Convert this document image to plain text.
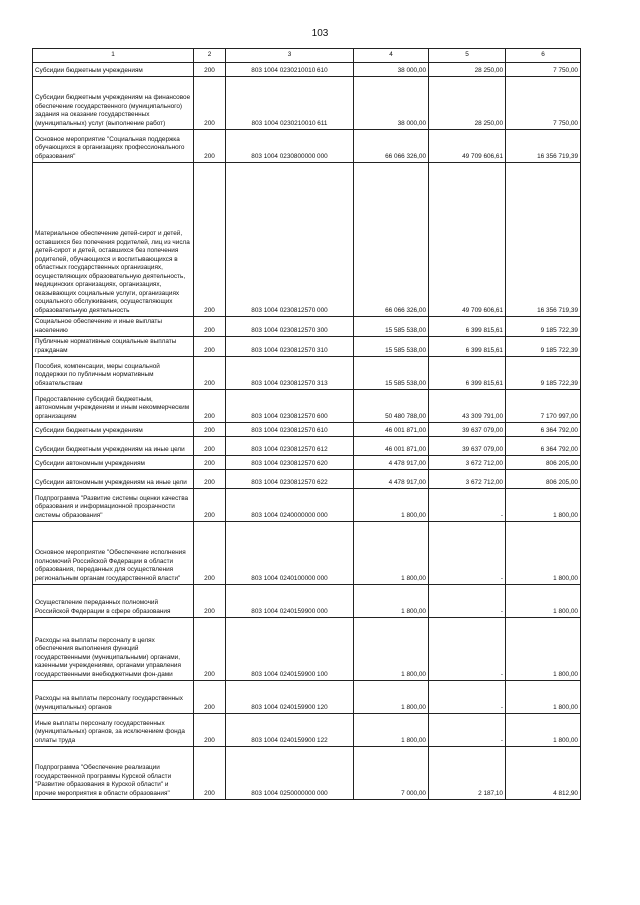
103
1	2	3	4	5	6
Субсидии бюджетным учреждениям	200	803 1004 0230210010 610	38 000,00	28 250,00	7 750,00
Субсидии бюджетным учреждениям на финансовое обеспечение государственного (муниципального) задания на оказание государственных (муниципальных) услуг (выполнение работ)	200	803 1004 0230210010 611	38 000,00	28 250,00	7 750,00
Основное мероприятие "Социальная поддержка обучающихся в организациях профессионального образования"	200	803 1004 0230800000 000	66 066 326,00	49 709 606,61	16 356 719,39
Материальное обеспечение детей-сирот и детей, оставшихся без попечения родителей, лиц из числа детей-сирот и детей, оставшихся без попечения родителей, обучающихся и воспитывающихся в областных государственных организациях, осуществляющих образовательную деятельность, медицинских организациях, организациях, оказывающих социальные услуги, организациях социального обслуживания, осуществляющих образовательную деятельность	200	803 1004 0230812570 000	66 066 326,00	49 709 606,61	16 356 719,39
Социальное обеспечение и иные выплаты населению	200	803 1004 0230812570 300	15 585 538,00	6 399 815,61	9 185 722,39
Публичные нормативные социальные выплаты гражданам	200	803 1004 0230812570 310	15 585 538,00	6 399 815,61	9 185 722,39
Пособия, компенсации, меры социальной поддержки по публичным нормативным обязательствам	200	803 1004 0230812570 313	15 585 538,00	6 399 815,61	9 185 722,39
Предоставление субсидий бюджетным, автономным учреждениям и иным некоммерческим организациям	200	803 1004 0230812570 600	50 480 788,00	43 309 791,00	7 170 997,00
Субсидии бюджетным учреждениям	200	803 1004 0230812570 610	46 001 871,00	39 637 079,00	6 364 792,00
Субсидии бюджетным учреждениям на иные цели	200	803 1004 0230812570 612	46 001 871,00	39 637 079,00	6 364 792,00
Субсидии автономным учреждениям	200	803 1004 0230812570 620	4 478 917,00	3 672 712,00	806 205,00
Субсидии автономным учреждениям на иные цели	200	803 1004 0230812570 622	4 478 917,00	3 672 712,00	806 205,00
Подпрограмма "Развитие системы оценки качества образования и информационной прозрачности системы образования"	200	803 1004 0240000000 000	1 800,00	-	1 800,00
Основное мероприятие "Обеспечение исполнения полномочий Российской Федерации в области образования, переданных для осуществления региональным органам государственной власти"	200	803 1004 0240100000 000	1 800,00	-	1 800,00
Осуществление переданных полномочий Российской Федерации в сфере образования	200	803 1004 0240159900 000	1 800,00	-	1 800,00
Расходы на выплаты персоналу в целях обеспечения выполнения функций государственными (муниципальными) органами, казенными учреждениями, органами управления государственными внебюджетными фон-дами	200	803 1004 0240159900 100	1 800,00	-	1 800,00
Расходы на выплаты персоналу государственных (муниципальных) органов	200	803 1004 0240159900 120	1 800,00	-	1 800,00
Иные выплаты персоналу государственных (муниципальных) органов, за исключением фонда оплаты труда	200	803 1004 0240159900 122	1 800,00	-	1 800,00
Подпрограмма "Обеспечение реализации государственной программы Курской области "Развитие образования в Курской области" и прочие мероприятия в области образования"	200	803 1004 0250000000 000	7 000,00	2 187,10	4 812,90
